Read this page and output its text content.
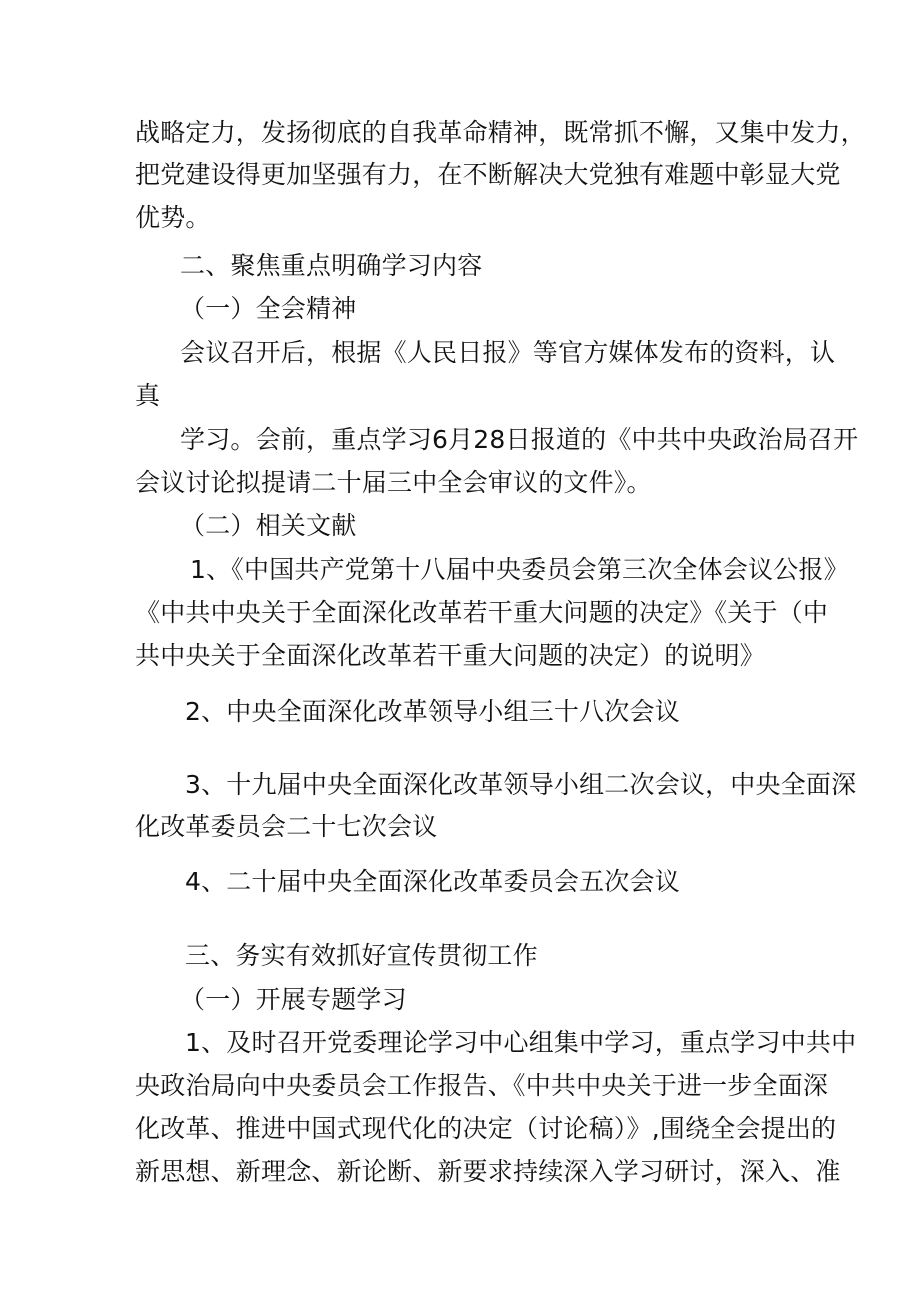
战略定力，发扬彻底的自我革命精神，既常抓不懈，又集中发力，
把党建设得更加坚强有力，在不断解决大党独有难题中彰显大党
优势。
二、聚焦重点明确学习内容
（一）全会精神
会议召开后，根据《人民日报》等官方媒体发布的资料，认
真
学习。会前，重点学习6月28日报道的《中共中央政治局召开
会议讨论拟提请二十届三中全会审议的文件》。
（二）相关文献
1、《中国共产党第十八届中央委员会第三次全体会议公报》
《中共中央关于全面深化改革若干重大问题的决定》《关于（中
共中央关于全面深化改革若干重大问题的决定）的说明》
2、中央全面深化改革领导小组三十八次会议
3、十九届中央全面深化改革领导小组二次会议，中央全面深
化改革委员会二十七次会议
4、二十届中央全面深化改革委员会五次会议
三、务实有效抓好宣传贯彻工作
（一）开展专题学习
1、及时召开党委理论学习中心组集中学习，重点学习中共中
央政治局向中央委员会工作报告、《中共中央关于进一步全面深
化改革、推进中国式现代化的决定（讨论稿）》,围绕全会提出的
新思想、新理念、新论断、新要求持续深入学习研讨，深入、准
